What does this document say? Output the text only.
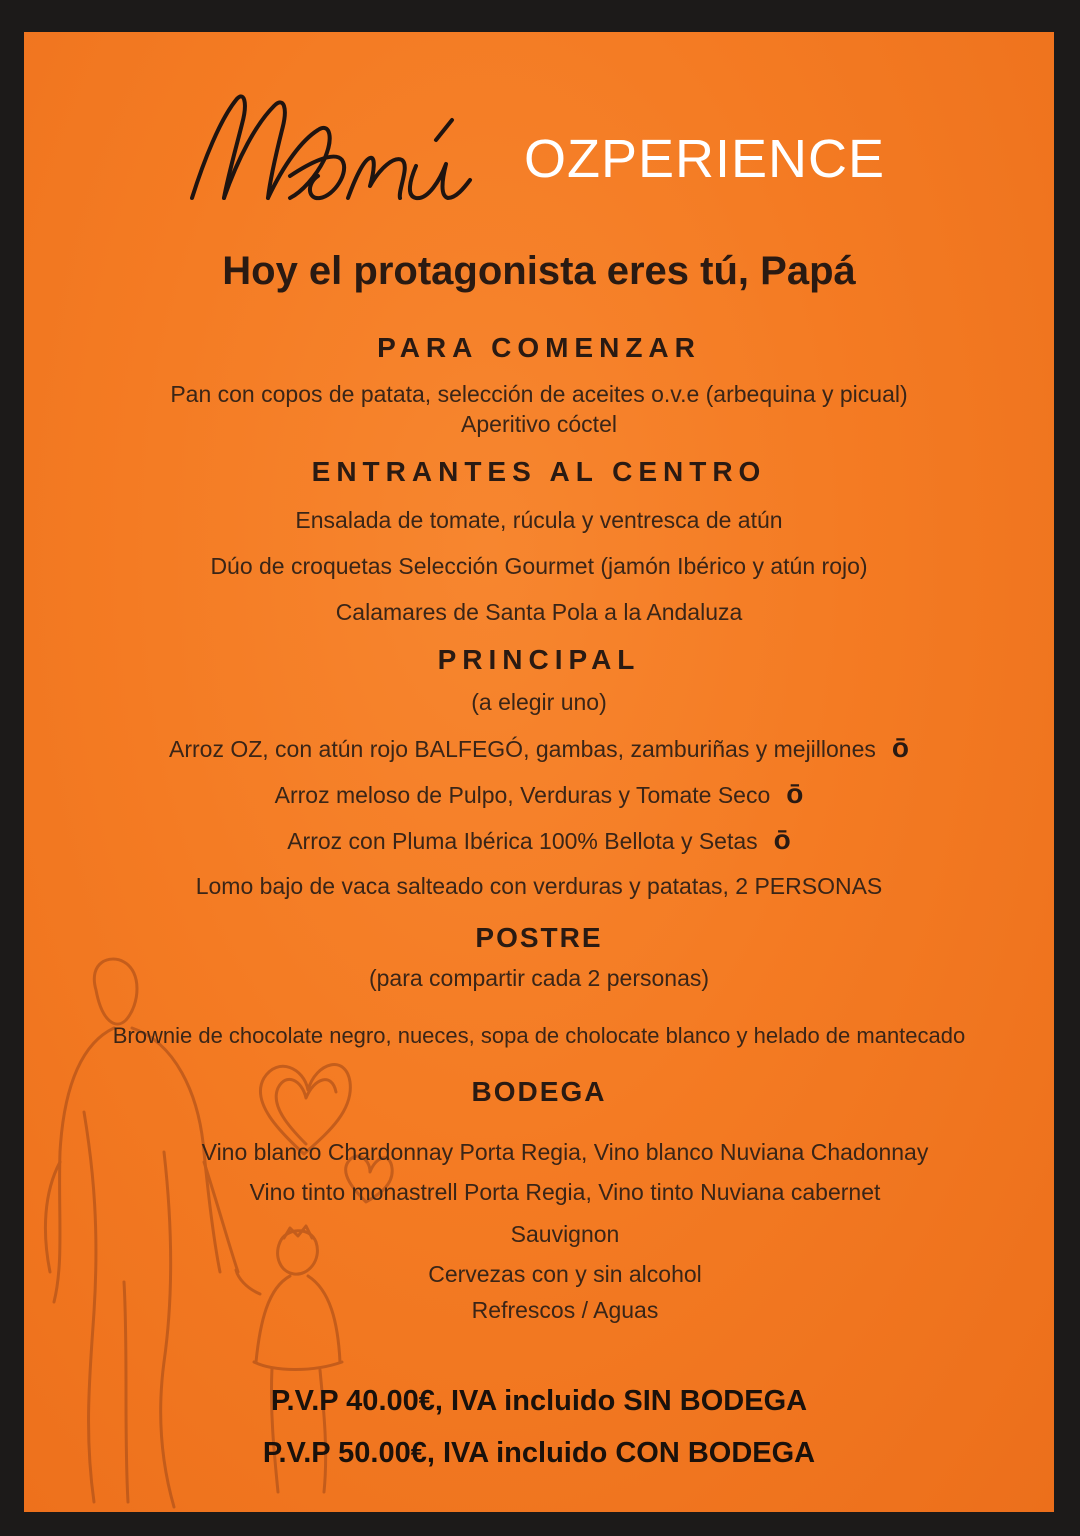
OZPERIENCE
Hoy el protagonista eres tú, Papá
PARA COMENZAR
Pan con copos de patata, selección de aceites o.v.e (arbequina y picual)
Aperitivo cóctel
ENTRANTES AL CENTRO
Ensalada de tomate, rúcula y ventresca de atún
Dúo de croquetas Selección Gourmet (jamón Ibérico y atún rojo)
Calamares de Santa Pola a la Andaluza
PRINCIPAL
(a elegir uno)
Arroz OZ, con atún rojo BALFEGÓ, gambas, zamburiñas y mejillones ō
Arroz meloso de Pulpo, Verduras y Tomate Seco ō
Arroz con Pluma Ibérica 100% Bellota y Setas ō
Lomo bajo de vaca salteado con verduras y patatas, 2 PERSONAS
POSTRE
(para compartir cada 2 personas)
Brownie de chocolate negro, nueces, sopa de cholocate blanco y helado de mantecado
BODEGA
Vino blanco Chardonnay Porta Regia, Vino blanco Nuviana Chadonnay
Vino tinto monastrell Porta Regia, Vino tinto Nuviana cabernet
Sauvignon
Cervezas con y sin alcohol
Refrescos / Aguas
P.V.P 40.00€, IVA incluido SIN BODEGA
P.V.P 50.00€, IVA incluido CON BODEGA
